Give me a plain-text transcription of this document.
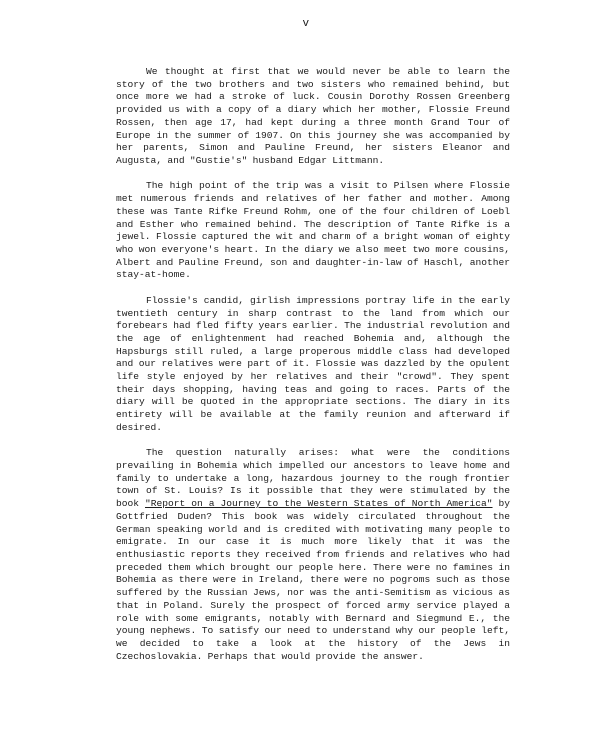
v

We thought at first that we would never be able to learn the story of the two brothers and two sisters who remained behind, but once more we had a stroke of luck. Cousin Dorothy Rossen Greenberg provided us with a copy of a diary which her mother, Flossie Freund Rossen, then age 17, had kept during a three month Grand Tour of Europe in the summer of 1907. On this journey she was accompanied by her parents, Simon and Pauline Freund, her sisters Eleanor and Augusta, and "Gustie's" husband Edgar Littmann.

The high point of the trip was a visit to Pilsen where Flossie met numerous friends and relatives of her father and mother. Among these was Tante Rifke Freund Rohm, one of the four children of Loebl and Esther who remained behind. The description of Tante Rifke is a jewel. Flossie captured the wit and charm of a bright woman of eighty who won everyone's heart. In the diary we also meet two more cousins, Albert and Pauline Freund, son and daughter-in-law of Haschl, another stay-at-home.

Flossie's candid, girlish impressions portray life in the early twentieth century in sharp contrast to the land from which our forebears had fled fifty years earlier. The industrial revolution and the age of enlightenment had reached Bohemia and, although the Hapsburgs still ruled, a large properous middle class had developed and our relatives were part of it. Flossie was dazzled by the opulent life style enjoyed by her relatives and their "crowd". They spent their days shopping, having teas and going to races. Parts of the diary will be quoted in the appropriate sections. The diary in its entirety will be available at the family reunion and afterward if desired.

The question naturally arises: what were the conditions prevailing in Bohemia which impelled our ancestors to leave home and family to undertake a long, hazardous journey to the rough frontier town of St. Louis? Is it possible that they were stimulated by the book "Report on a Journey to the Western States of North America" by Gottfried Duden? This book was widely circulated throughout the German speaking world and is credited with motivating many people to emigrate. In our case it is much more likely that it was the enthusiastic reports they received from friends and relatives who had preceded them which brought our people here. There were no famines in Bohemia as there were in Ireland, there were no pogroms such as those suffered by the Russian Jews, nor was the anti-Semitism as vicious as that in Poland. Surely the prospect of forced army service played a role with some emigrants, notably with Bernard and Siegmund E., the young nephews. To satisfy our need to understand why our people left, we decided to take a look at the history of the Jews in Czechoslovakia. Perhaps that would provide the answer.
